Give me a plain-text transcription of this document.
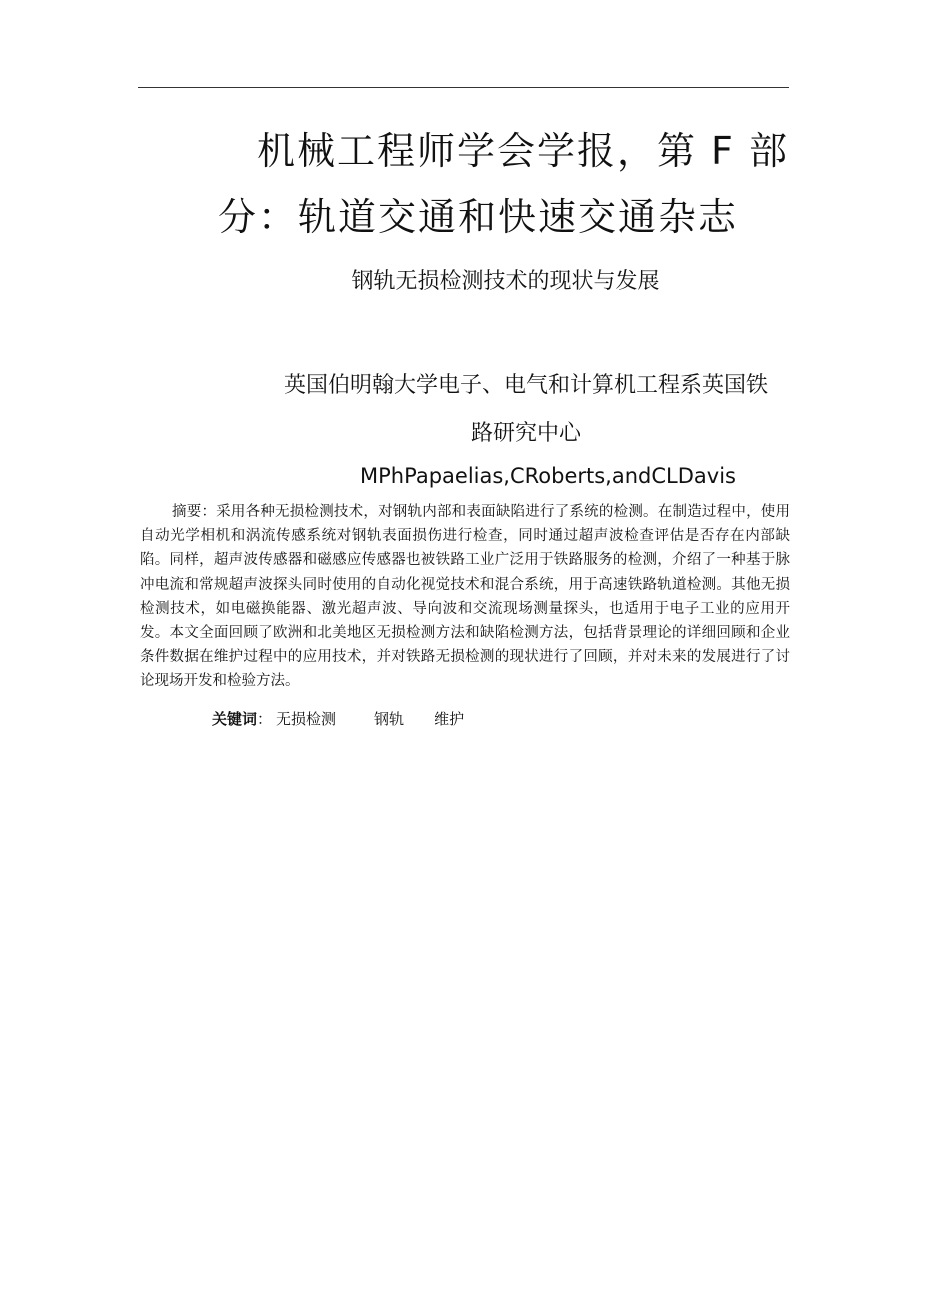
机械工程师学会学报，第 F 部
分：轨道交通和快速交通杂志
钢轨无损检测技术的现状与发展

英国伯明翰大学电子、电气和计算机工程系英国铁
路研究中心

MPhPapaelias,CRoberts,andCLDavis

摘要：采用各种无损检测技术，对钢轨内部和表面缺陷进行了系统的检测。在制造过程中，使用自动光学相机和涡流传感系统对钢轨表面损伤进行检查，同时通过超声波检查评估是否存在内部缺陷。同样，超声波传感器和磁感应传感器也被铁路工业广泛用于铁路服务的检测，介绍了一种基于脉冲电流和常规超声波探头同时使用的自动化视觉技术和混合系统，用于高速铁路轨道检测。其他无损检测技术，如电磁换能器、激光超声波、导向波和交流现场测量探头，也适用于电子工业的应用开发。本文全面回顾了欧洲和北美地区无损检测方法和缺陷检测方法，包括背景理论的详细回顾和企业条件数据在维护过程中的应用技术，并对铁路无损检测的现状进行了回顾，并对未来的发展进行了讨论现场开发和检验方法。

关键词： 无损检测	钢轨 维护
